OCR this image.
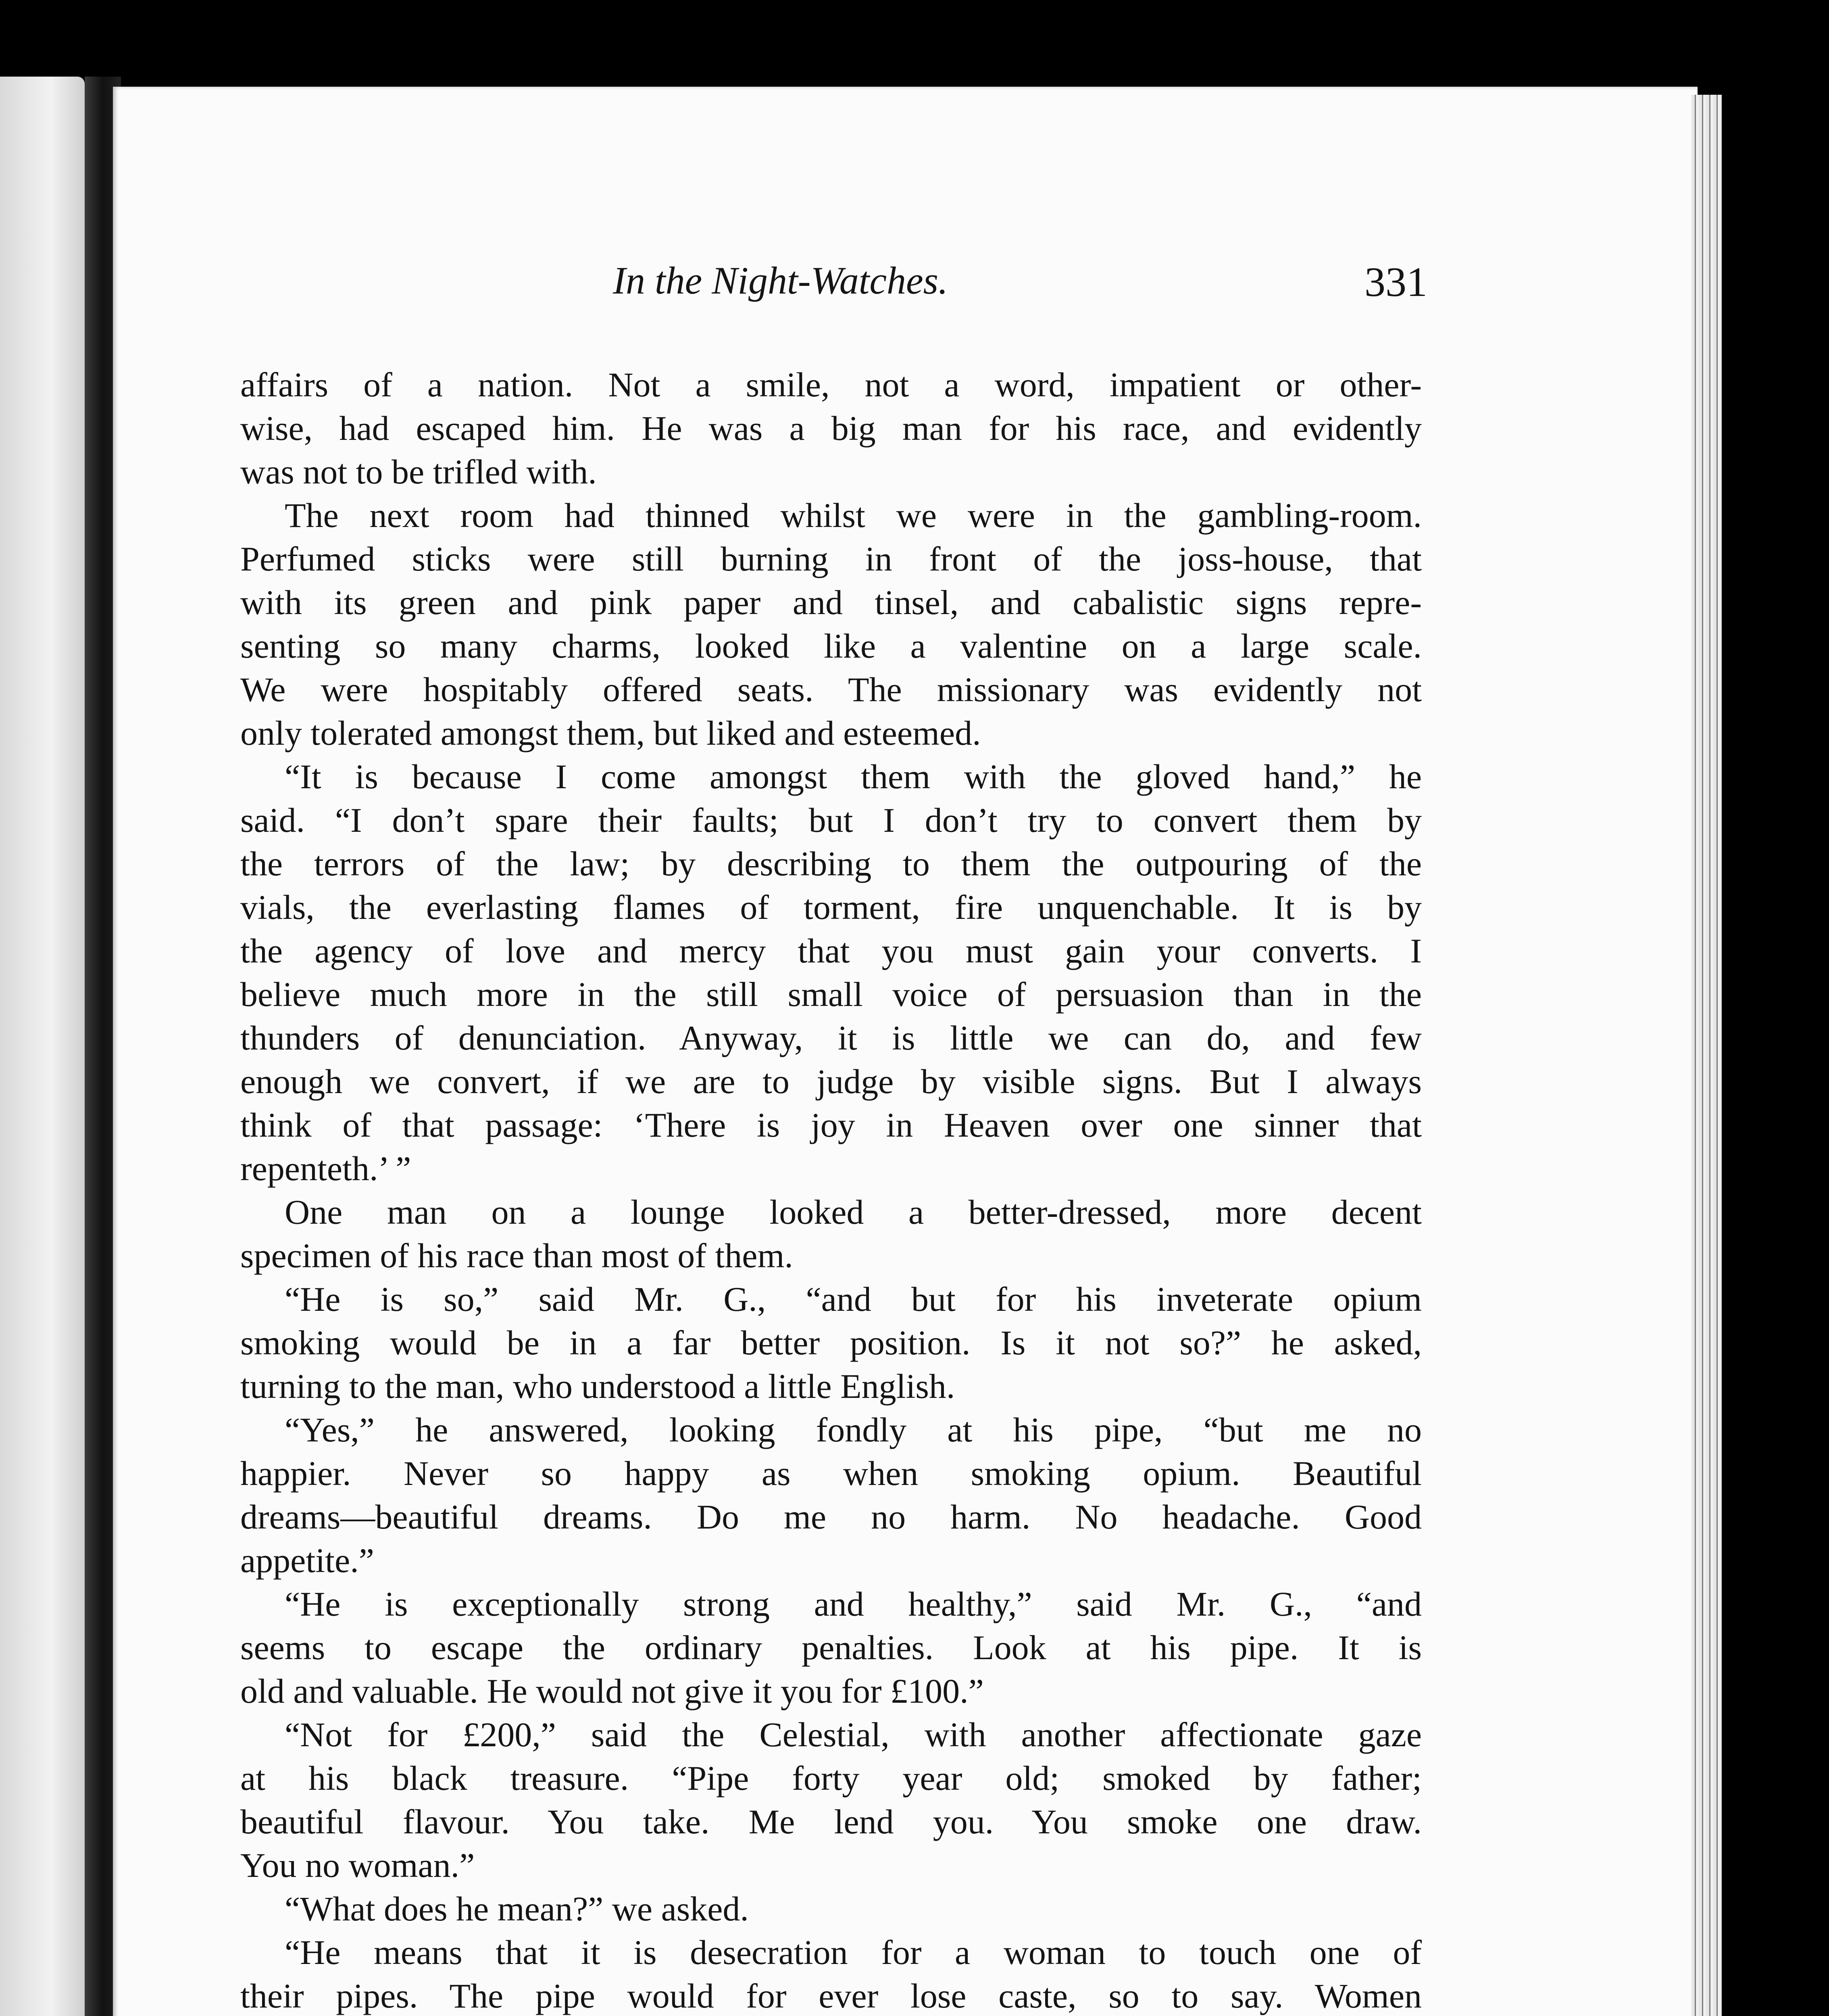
In the Night-Watches.	331
affairs of a nation. Not a smile, not a word, impatient or other-
wise, had escaped him. He was a big man for his race, and evidently
was not to be trifled with.
The next room had thinned whilst we were in the gambling-room.
Perfumed sticks were still burning in front of the joss-house, that
with its green and pink paper and tinsel, and cabalistic signs repre-
senting so many charms, looked like a valentine on a large scale.
We were hospitably offered seats. The missionary was evidently not
only tolerated amongst them, but liked and esteemed.
“It is because I come amongst them with the gloved hand,” he
said. “I don’t spare their faults; but I don’t try to convert them by
the terrors of the law; by describing to them the outpouring of the
vials, the everlasting flames of torment, fire unquenchable. It is by
the agency of love and mercy that you must gain your converts. I
believe much more in the still small voice of persuasion than in the
thunders of denunciation. Anyway, it is little we can do, and few
enough we convert, if we are to judge by visible signs. But I always
think of that passage: ‘There is joy in Heaven over one sinner that
repenteth.’ ”
One man on a lounge looked a better-dressed, more decent
specimen of his race than most of them.
“He is so,” said Mr. G., “and but for his inveterate opium
smoking would be in a far better position. Is it not so?” he asked,
turning to the man, who understood a little English.
“Yes,” he answered, looking fondly at his pipe, “but me no
happier. Never so happy as when smoking opium. Beautiful
dreams—beautiful dreams. Do me no harm. No headache. Good
appetite.”
“He is exceptionally strong and healthy,” said Mr. G., “and
seems to escape the ordinary penalties. Look at his pipe. It is
old and valuable. He would not give it you for £100.”
“Not for £200,” said the Celestial, with another affectionate gaze
at his black treasure. “Pipe forty year old; smoked by father;
beautiful flavour. You take. Me lend you. You smoke one draw.
You no woman.”
“What does he mean?” we asked.
“He means that it is desecration for a woman to touch one of
their pipes. The pipe would for ever lose caste, so to say. Women
